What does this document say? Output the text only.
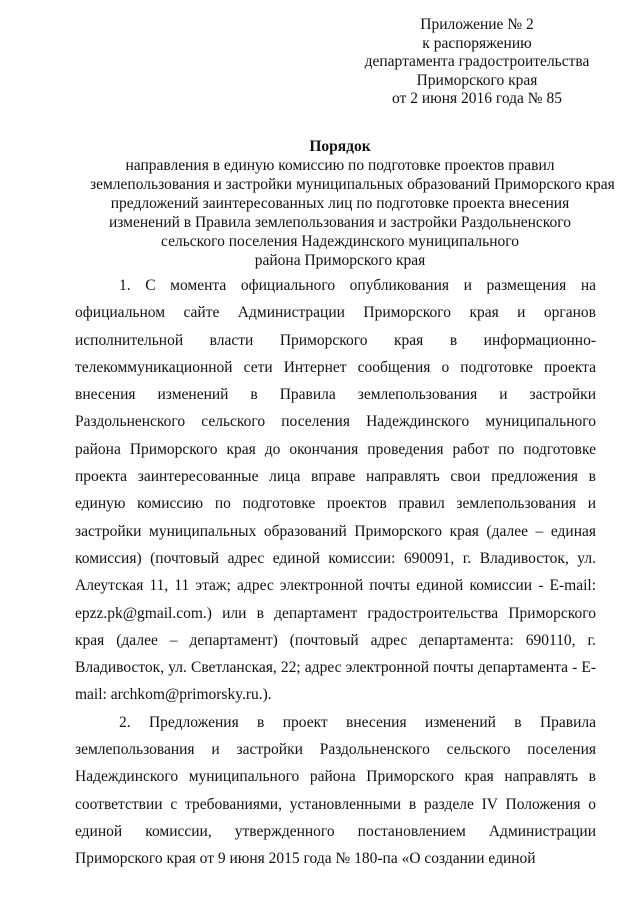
Приложение № 2
к распоряжению
департамента градостроительства
Приморского края
от 2 июня 2016 года № 85
Порядок
направления в единую комиссию по подготовке проектов правил
землепользования и застройки муниципальных образований Приморского края
предложений заинтересованных лиц по подготовке проекта внесения
изменений в Правила землепользования и застройки Раздольненского
сельского поселения Надеждинского муниципального
района Приморского края

1. С момента официального опубликования и размещения на официальном сайте Администрации Приморского края и органов исполнительной власти Приморского края в информационно-телекоммуникационной сети Интернет сообщения о подготовке проекта внесения изменений в Правила землепользования и застройки Раздольненского сельского поселения Надеждинского муниципального района Приморского края до окончания проведения работ по подготовке проекта заинтересованные лица вправе направлять свои предложения в единую комиссию по подготовке проектов правил землепользования и застройки муниципальных образований Приморского края (далее – единая комиссия) (почтовый адрес единой комиссии: 690091, г. Владивосток, ул. Алеутская 11, 11 этаж; адрес электронной почты единой комиссии - E-mail: epzz.pk@gmail.com.) или в департамент градостроительства Приморского края (далее – департамент) (почтовый адрес департамента: 690110, г. Владивосток, ул. Светланская, 22; адрес электронной почты департамента - E-mail: archkom@primorsky.ru.).

2. Предложения в проект внесения изменений в Правила землепользования и застройки Раздольненского сельского поселения Надеждинского муниципального района Приморского края направлять в соответствии с требованиями, установленными в разделе IV Положения о единой комиссии, утвержденного постановлением Администрации Приморского края от 9 июня 2015 года № 180-па «О создании единой
